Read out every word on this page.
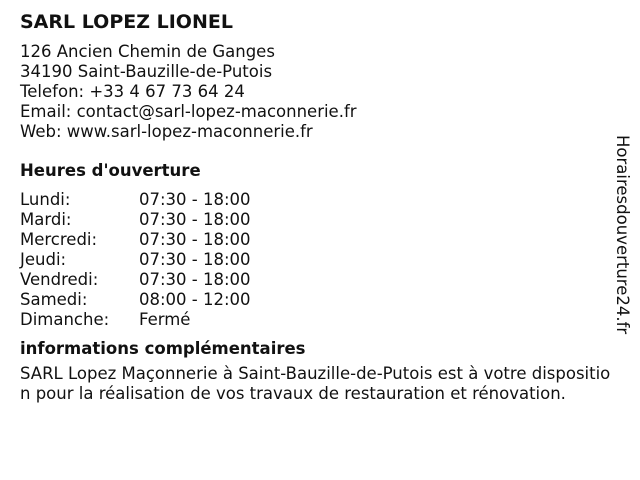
SARL LOPEZ LIONEL
126 Ancien Chemin de Ganges
34190 Saint-Bauzille-de-Putois
Telefon: +33 4 67 73 64 24
Email: contact@sarl-lopez-maconnerie.fr
Web: www.sarl-lopez-maconnerie.fr
Heures d'ouverture
Lundi:	07:30 - 18:00
Mardi:	07:30 - 18:00
Mercredi:	07:30 - 18:00
Jeudi:	07:30 - 18:00
Vendredi:	07:30 - 18:00
Samedi:	08:00 - 12:00
Dimanche:	Fermé
informations complémentaires

SARL Lopez Maçonnerie à Saint-Bauzille-de-Putois est à votre disposition pour la réalisation de vos travaux de restauration et rénovation.

Horairesdouverture24.fr
